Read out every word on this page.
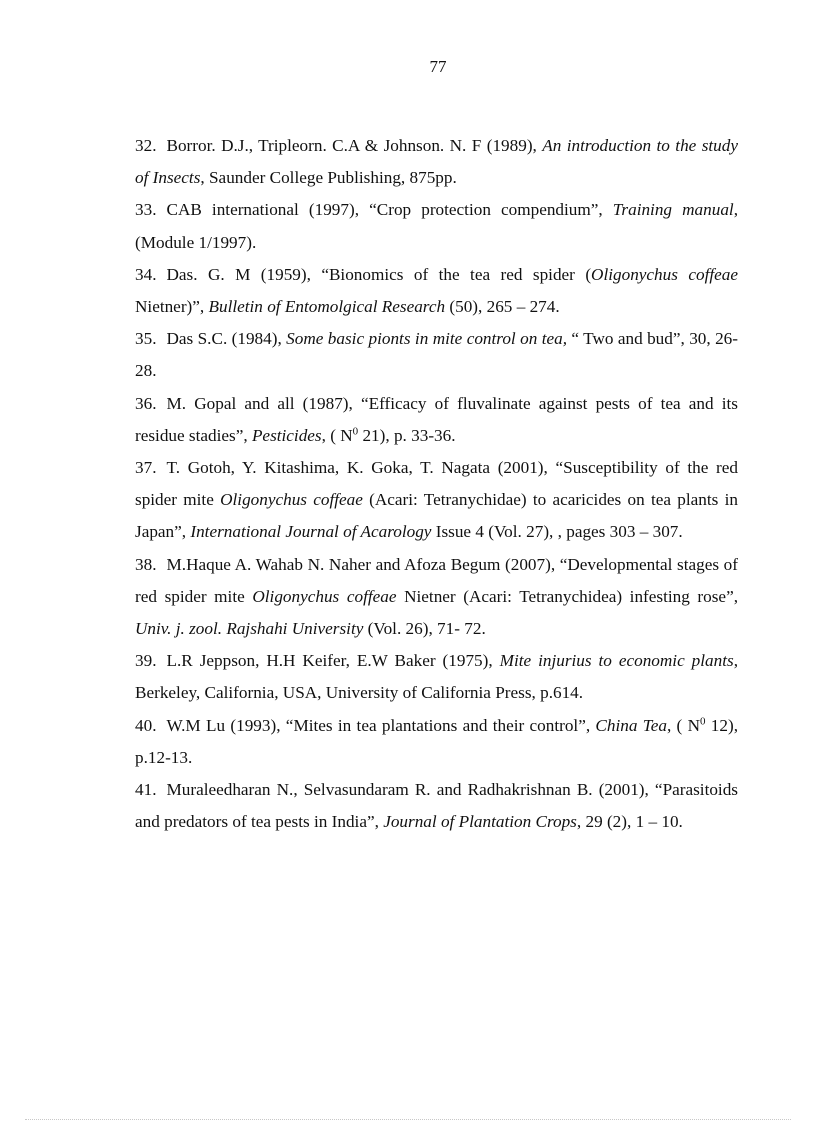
77

32. Borror. D.J., Tripleorn. C.A & Johnson. N. F (1989), An introduction to the study of Insects, Saunder College Publishing, 875pp.

33. CAB international (1997), “Crop protection compendium”, Training manual, (Module 1/1997).

34. Das. G. M (1959), “Bionomics of the tea red spider (Oligonychus coffeae Nietner)”, Bulletin of Entomolgical Research (50), 265 – 274.

35. Das S.C. (1984), Some basic pionts in mite control on tea, “ Two and bud”, 30, 26-28.

36. M. Gopal and all (1987), “Efficacy of fluvalinate against pests of tea and its residue stadies”, Pesticides, ( $N^0$ 21), p. 33-36.

37. T. Gotoh, Y. Kitashima, K. Goka, T. Nagata (2001), “Susceptibility of the red spider mite Oligonychus coffeae (Acari: Tetranychidae) to acaricides on tea plants in Japan”, International Journal of Acarology Issue 4 (Vol. 27), , pages 303 – 307.

38. M.Haque A. Wahab N. Naher and Afoza Begum (2007), “Developmental stages of red spider mite Oligonychus coffeae Nietner (Acari: Tetranychidea) infesting rose”, Univ. j. zool. Rajshahi University (Vol. 26), 71- 72.

39. L.R Jeppson, H.H Keifer, E.W Baker (1975), Mite injurius to economic plants, Berkeley, California, USA, University of California Press, p.614.

40. W.M Lu (1993), “Mites in tea plantations and their control”, China Tea, ( $N^0$ 12), p.12-13.

41. Muraleedharan N., Selvasundaram R. and Radhakrishnan B. (2001), “Parasitoids and predators of tea pests in India”, Journal of Plantation Crops, 29 (2), 1 – 10.
